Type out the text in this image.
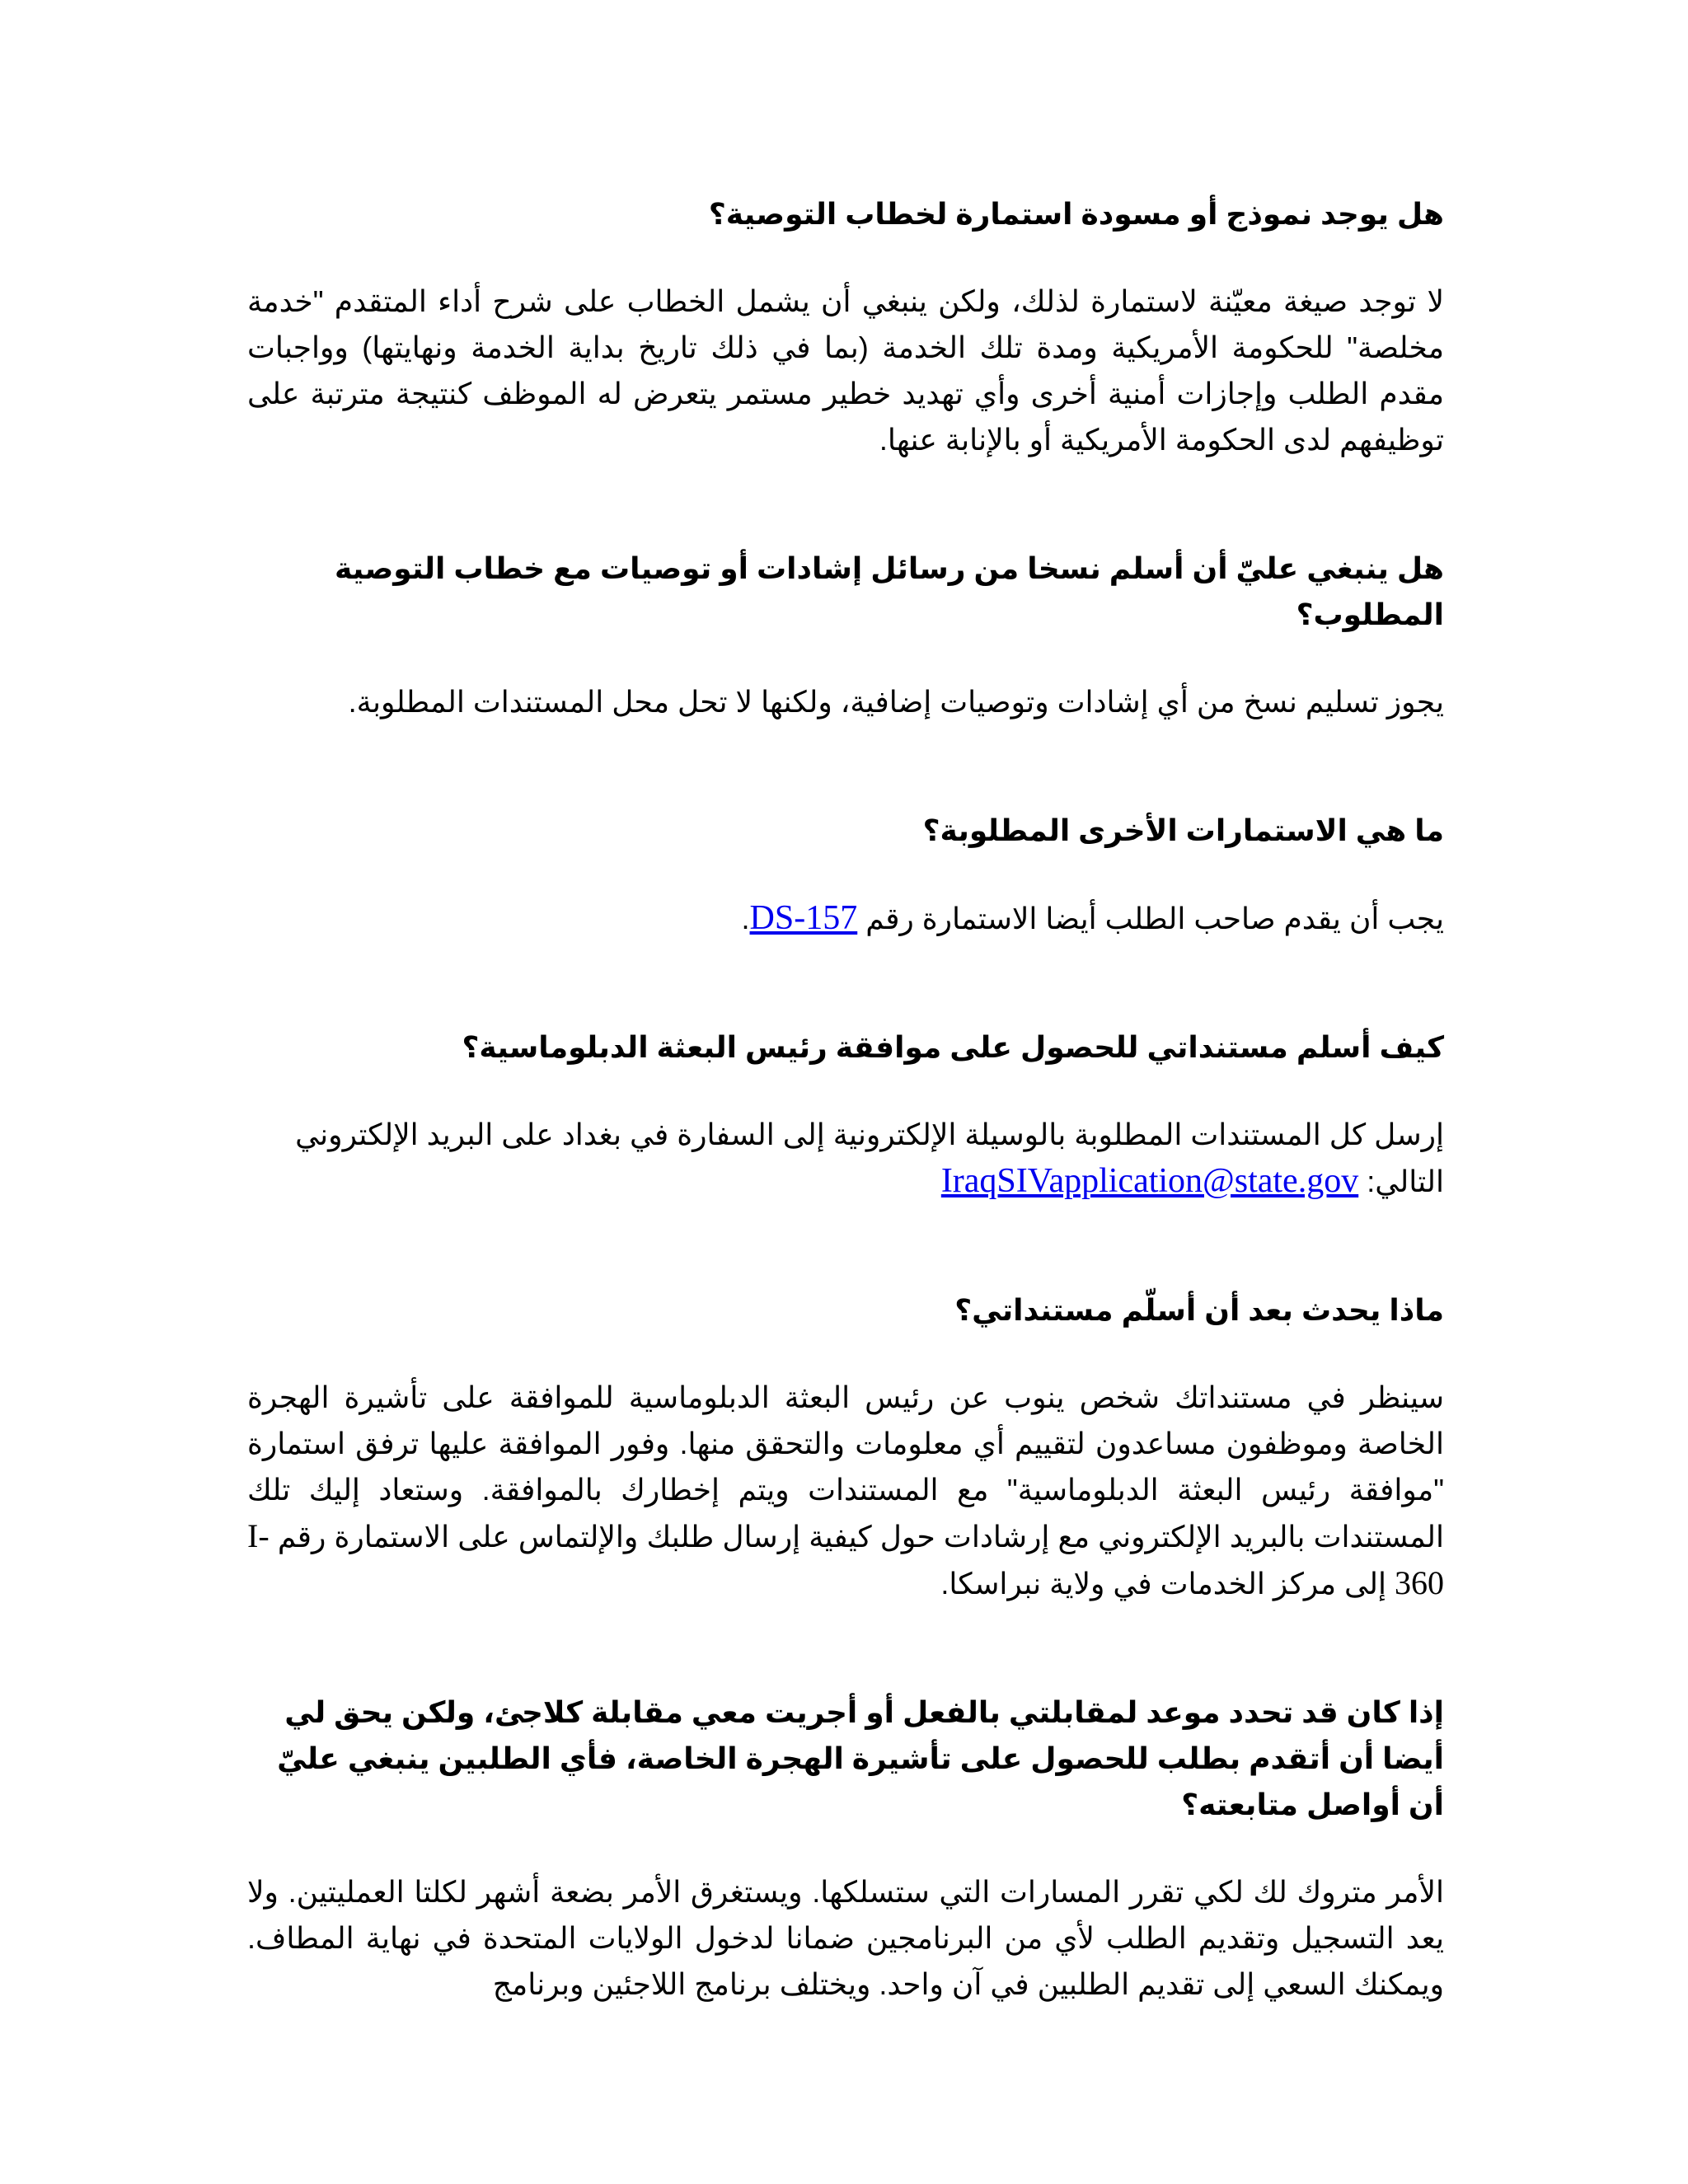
هل يوجد نموذج أو مسودة استمارة لخطاب التوصية؟

لا توجد صيغة معيّنة لاستمارة لذلك، ولكن ينبغي أن يشمل الخطاب على شرح أداء المتقدم "خدمة مخلصة" للحكومة الأمريكية ومدة تلك الخدمة (بما في ذلك تاريخ بداية الخدمة ونهايتها) وواجبات مقدم الطلب وإجازات أمنية أخرى وأي تهديد خطير مستمر يتعرض له الموظف كنتيجة مترتبة على توظيفهم لدى الحكومة الأمريكية أو بالإنابة عنها.

هل ينبغي عليّ أن أسلم نسخا من رسائل إشادات أو توصيات مع خطاب التوصية المطلوب؟

يجوز تسليم نسخ من أي إشادات وتوصيات إضافية، ولكنها لا تحل محل المستندات المطلوبة.

ما هي الاستمارات الأخرى المطلوبة؟

يجب أن يقدم صاحب الطلب أيضا الاستمارة رقم DS-157.

كيف أسلم مستنداتي للحصول على موافقة رئيس البعثة الدبلوماسية؟

إرسل كل المستندات المطلوبة بالوسيلة الإلكترونية إلى السفارة في بغداد على البريد الإلكتروني التالي: IraqSIVapplication@state.gov

ماذا يحدث بعد أن أسلّم مستنداتي؟

سينظر في مستنداتك شخص ينوب عن رئيس البعثة الدبلوماسية للموافقة على تأشيرة الهجرة الخاصة وموظفون مساعدون لتقييم أي معلومات والتحقق منها. وفور الموافقة عليها ترفق استمارة "موافقة رئيس البعثة الدبلوماسية" مع المستندات ويتم إخطارك بالموافقة. وستعاد إليك تلك المستندات بالبريد الإلكتروني مع إرشادات حول كيفية إرسال طلبك والإلتماس على الاستمارة رقم I-360 إلى مركز الخدمات في ولاية نبراسكا.

إذا كان قد تحدد موعد لمقابلتي بالفعل أو أجريت معي مقابلة كلاجئ، ولكن يحق لي أيضا أن أتقدم بطلب للحصول على تأشيرة الهجرة الخاصة، فأي الطلبين ينبغي عليّ أن أواصل متابعته؟

الأمر متروك لك لكي تقرر المسارات التي ستسلكها. ويستغرق الأمر بضعة أشهر لكلتا العمليتين. ولا يعد التسجيل وتقديم الطلب لأي من البرنامجين ضمانا لدخول الولايات المتحدة في نهاية المطاف. ويمكنك السعي إلى تقديم الطلبين في آن واحد. ويختلف برنامج اللاجئين وبرنامج
